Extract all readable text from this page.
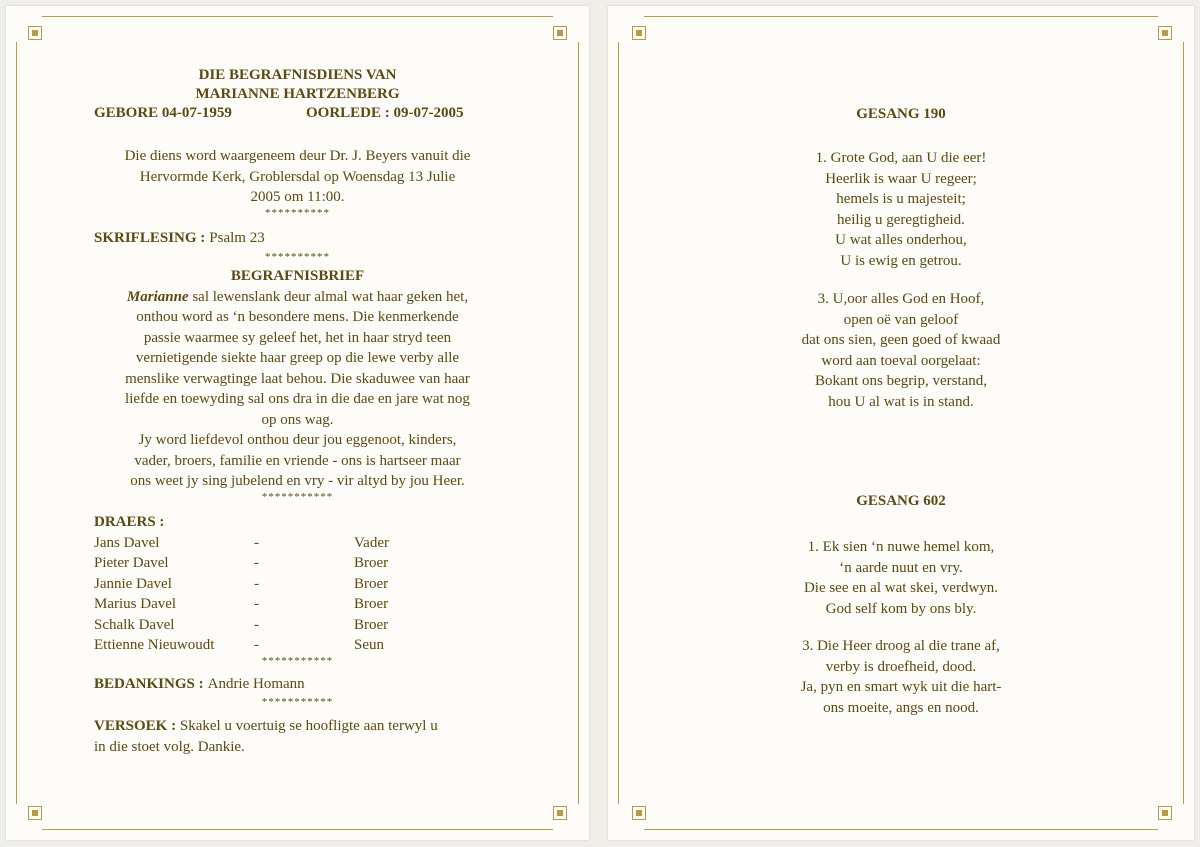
DIE BEGRAFNISDIENS VAN
MARIANNE HARTZENBERG
GEBORE 04-07-1959	OORLEDE : 09-07-2005
Die diens word waargeneem deur Dr. J. Beyers vanuit die
Hervormde Kerk, Groblersdal op Woensdag 13 Julie
2005 om 11:00.
**********
SKRIFLESING : Psalm 23
**********
BEGRAFNISBRIEF
Marianne sal lewenslank deur almal wat haar geken het,
onthou word as ‘n besondere mens. Die kenmerkende
passie waarmee sy geleef het, het in haar stryd teen
vernietigende siekte haar greep op die lewe verby alle
menslike verwagtinge laat behou. Die skaduwee van haar
liefde en toewyding sal ons dra in die dae en jare wat nog
op ons wag.
Jy word liefdevol onthou deur jou eggenoot, kinders,
vader, broers, familie en vriende - ons is hartseer maar
ons weet jy sing jubelend en vry - vir altyd by jou Heer.
***********
DRAERS :
Jans Davel	-	Vader
Pieter Davel	-	Broer
Jannie Davel	-	Broer
Marius Davel	-	Broer
Schalk Davel	-	Broer
Ettienne Nieuwoudt	-	Seun
***********
BEDANKINGS : Andrie Homann
***********
VERSOEK : Skakel u voertuig se hoofligte aan terwyl u
in die stoet volg. Dankie.
GESANG 190
1. Grote God, aan U die eer!
Heerlik is waar U regeer;
hemels is u majesteit;
heilig u geregtigheid.
U wat alles onderhou,
U is ewig en getrou.
3. U,oor alles God en Hoof,
open oë van geloof
dat ons sien, geen goed of kwaad
word aan toeval oorgelaat:
Bokant ons begrip, verstand,
hou U al wat is in stand.
GESANG 602
1. Ek sien ‘n nuwe hemel kom,
‘n aarde nuut en vry.
Die see en al wat skei, verdwyn.
God self kom by ons bly.
3. Die Heer droog al die trane af,
verby is droefheid, dood.
Ja, pyn en smart wyk uit die hart-
ons moeite, angs en nood.
